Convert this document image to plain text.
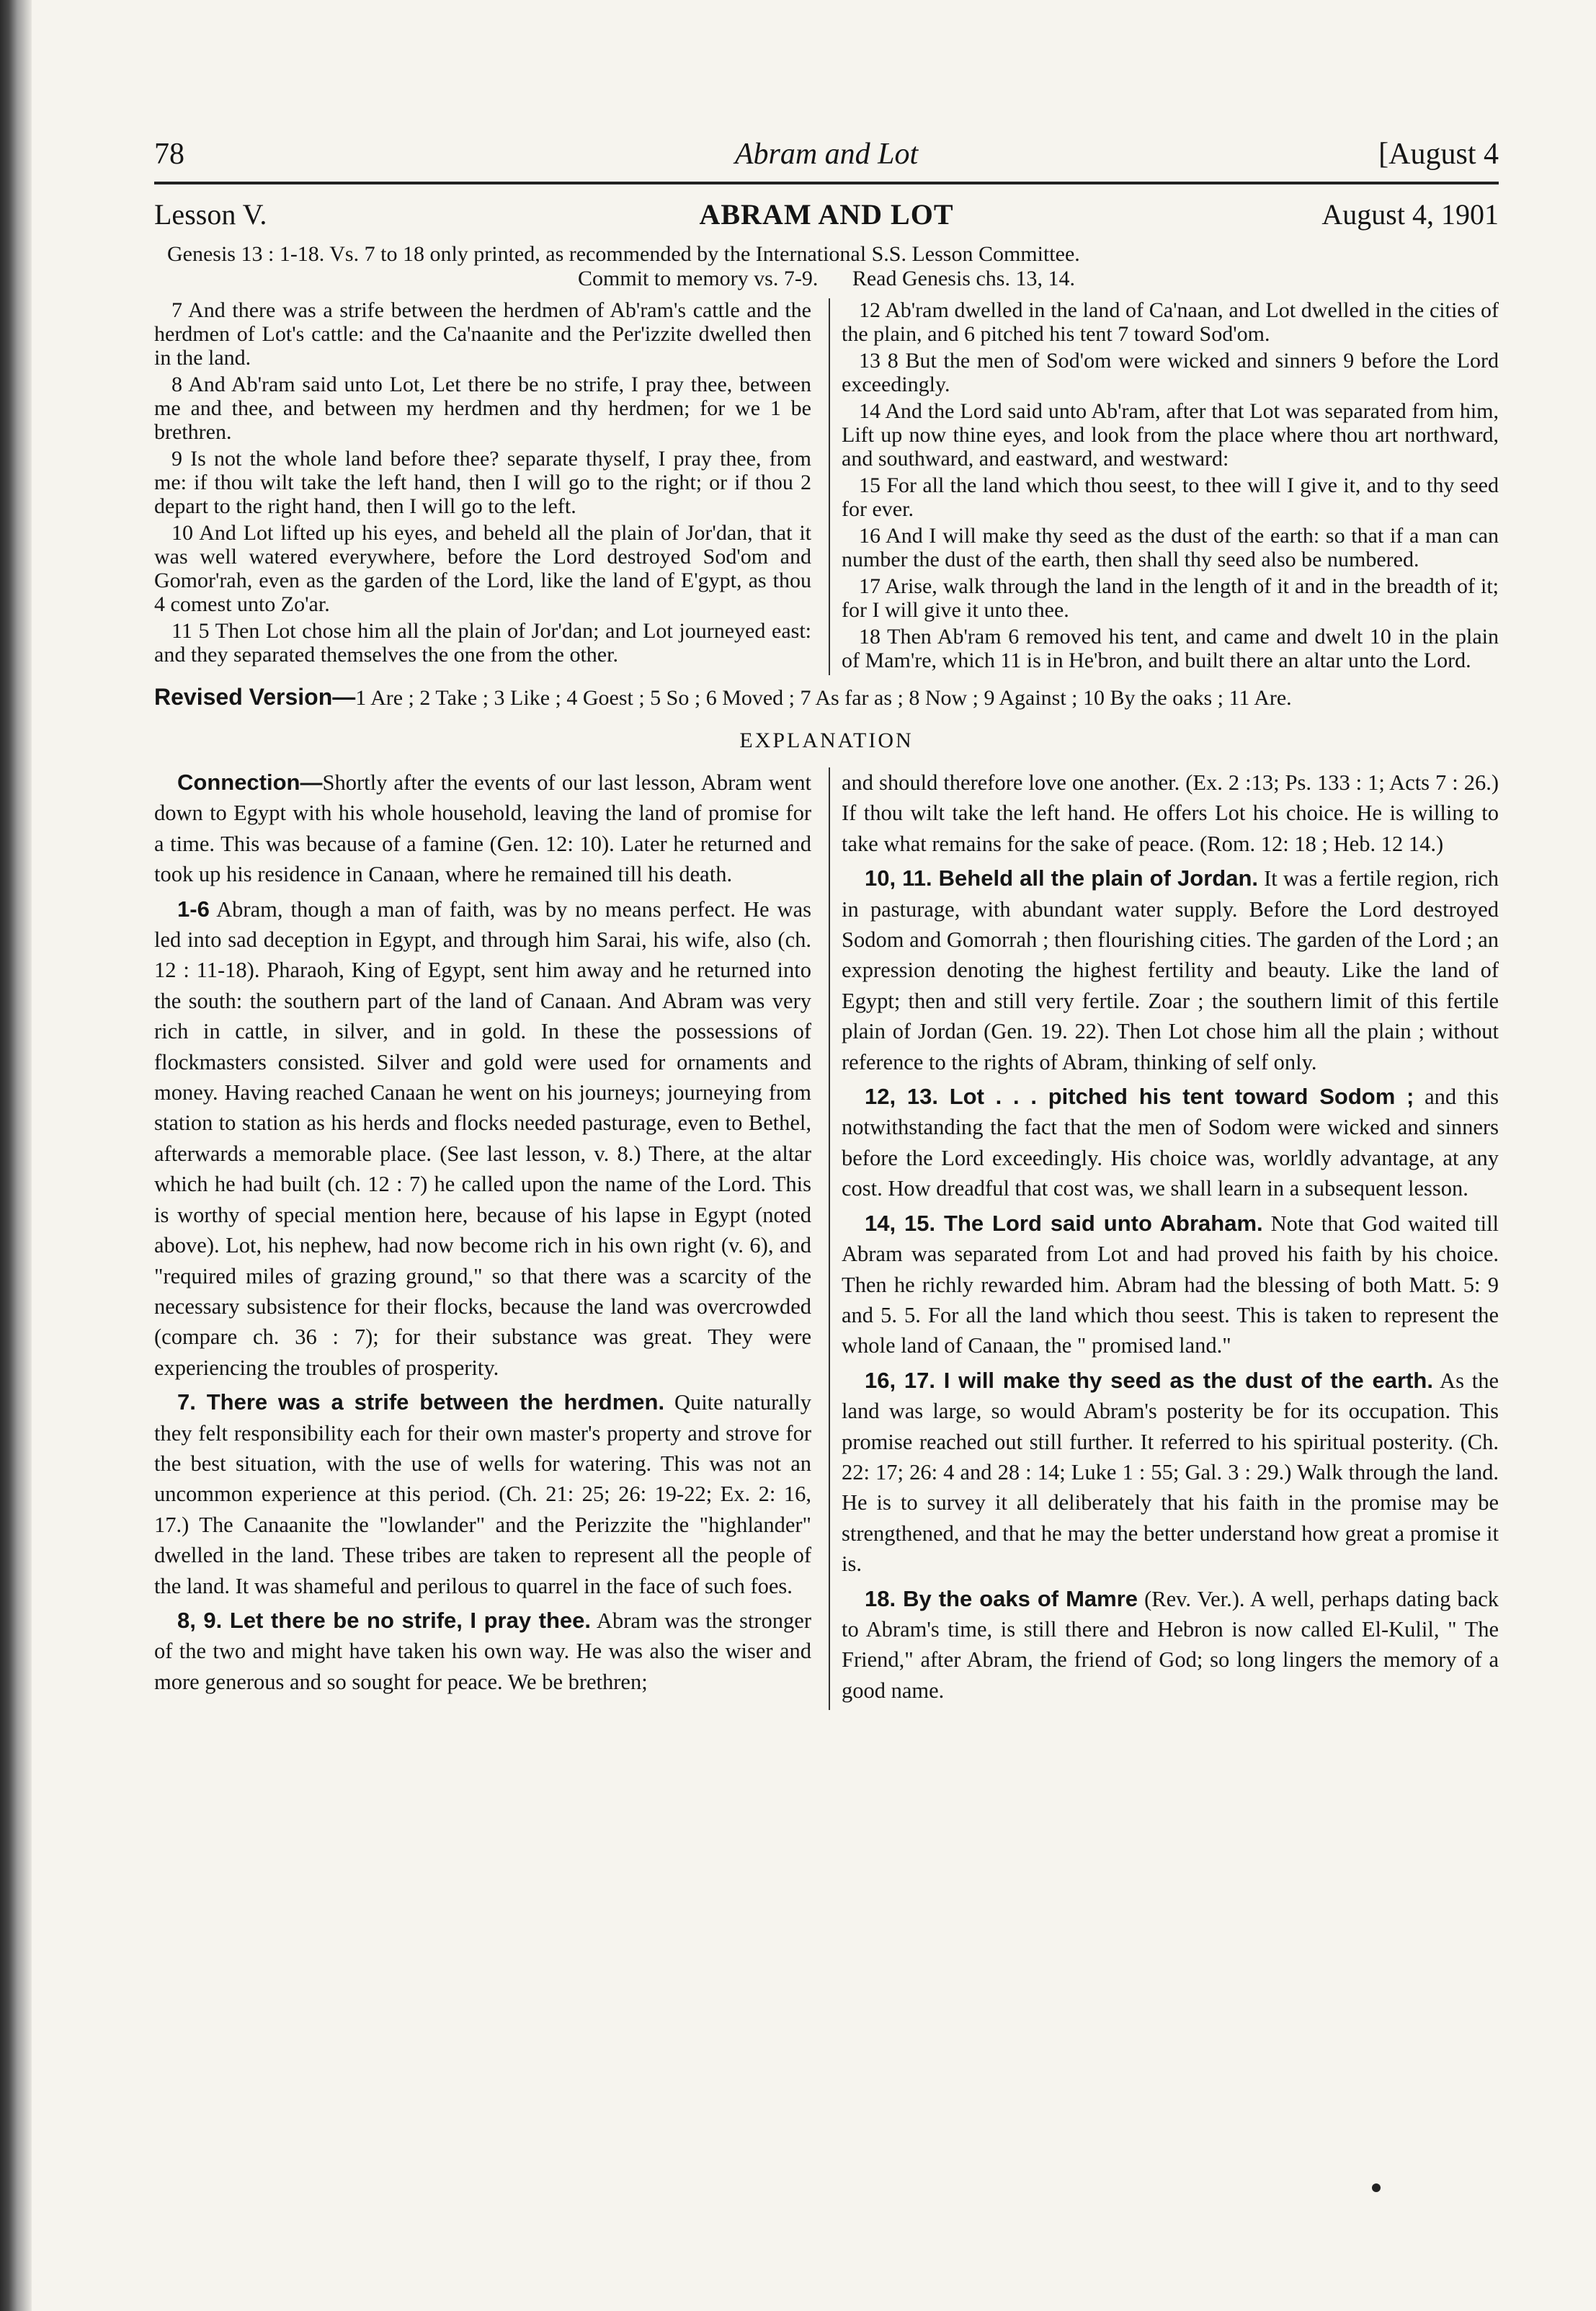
78	Abram and Lot	[August 4
Lesson V.	ABRAM AND LOT	August 4, 1901
Genesis 13 : 1-18. Vs. 7 to 18 only printed, as recommended by the International S.S. Lesson Committee.
Commit to memory vs. 7-9. Read Genesis chs. 13, 14.

7 And there was a strife between the herdmen of Ab'ram's cattle and the herdmen of Lot's cattle: and the Ca'naanite and the Per'izzite dwelled then in the land.

8 And Ab'ram said unto Lot, Let there be no strife, I pray thee, between me and thee, and between my herdmen and thy herdmen; for we 1 be brethren.

9 Is not the whole land before thee? separate thyself, I pray thee, from me: if thou wilt take the left hand, then I will go to the right; or if thou 2 depart to the right hand, then I will go to the left.

10 And Lot lifted up his eyes, and beheld all the plain of Jor'dan, that it was well watered everywhere, before the Lord destroyed Sod'om and Gomor'rah, even as the garden of the Lord, like the land of E'gypt, as thou 4 comest unto Zo'ar.

11 5 Then Lot chose him all the plain of Jor'dan; and Lot journeyed east: and they separated themselves the one from the other.

12 Ab'ram dwelled in the land of Ca'naan, and Lot dwelled in the cities of the plain, and 6 pitched his tent 7 toward Sod'om.

13 8 But the men of Sod'om were wicked and sinners 9 before the Lord exceedingly.

14 And the Lord said unto Ab'ram, after that Lot was separated from him, Lift up now thine eyes, and look from the place where thou art northward, and southward, and eastward, and westward:

15 For all the land which thou seest, to thee will I give it, and to thy seed for ever.

16 And I will make thy seed as the dust of the earth: so that if a man can number the dust of the earth, then shall thy seed also be numbered.

17 Arise, walk through the land in the length of it and in the breadth of it; for I will give it unto thee.

18 Then Ab'ram 6 removed his tent, and came and dwelt 10 in the plain of Mam're, which 11 is in He'bron, and built there an altar unto the Lord.

Revised Version—1 Are ; 2 Take ; 3 Like ; 4 Goest ; 5 So ; 6 Moved ; 7 As far as ; 8 Now ; 9 Against ; 10 By the oaks ; 11 Are.
EXPLANATION

Connection—Shortly after the events of our last lesson, Abram went down to Egypt with his whole household, leaving the land of promise for a time. This was because of a famine (Gen. 12: 10). Later he returned and took up his residence in Canaan, where he remained till his death.

1-6 Abram, though a man of faith, was by no means perfect. He was led into sad deception in Egypt, and through him Sarai, his wife, also (ch. 12 : 11-18). Pharaoh, King of Egypt, sent him away and he returned into the south: the southern part of the land of Canaan. And Abram was very rich in cattle, in silver, and in gold. In these the possessions of flockmasters consisted. Silver and gold were used for ornaments and money. Having reached Canaan he went on his journeys; journeying from station to station as his herds and flocks needed pasturage, even to Bethel, afterwards a memorable place. (See last lesson, v. 8.) There, at the altar which he had built (ch. 12 : 7) he called upon the name of the Lord. This is worthy of special mention here, because of his lapse in Egypt (noted above). Lot, his nephew, had now become rich in his own right (v. 6), and "required miles of grazing ground," so that there was a scarcity of the necessary subsistence for their flocks, because the land was overcrowded (compare ch. 36 : 7); for their substance was great. They were experiencing the troubles of prosperity.

7. There was a strife between the herdmen. Quite naturally they felt responsibility each for their own master's property and strove for the best situation, with the use of wells for watering. This was not an uncommon experience at this period. (Ch. 21: 25; 26: 19-22; Ex. 2: 16, 17.) The Canaanite the "lowlander" and the Perizzite the "highlander" dwelled in the land. These tribes are taken to represent all the people of the land. It was shameful and perilous to quarrel in the face of such foes.

8, 9. Let there be no strife, I pray thee. Abram was the stronger of the two and might have taken his own way. He was also the wiser and more generous and so sought for peace. We be brethren;

and should therefore love one another. (Ex. 2 :13; Ps. 133 : 1; Acts 7 : 26.) If thou wilt take the left hand. He offers Lot his choice. He is willing to take what remains for the sake of peace. (Rom. 12: 18 ; Heb. 12 14.)

10, 11. Beheld all the plain of Jordan. It was a fertile region, rich in pasturage, with abundant water supply. Before the Lord destroyed Sodom and Gomorrah ; then flourishing cities. The garden of the Lord ; an expression denoting the highest fertility and beauty. Like the land of Egypt; then and still very fertile. Zoar ; the southern limit of this fertile plain of Jordan (Gen. 19. 22). Then Lot chose him all the plain ; without reference to the rights of Abram, thinking of self only.

12, 13. Lot . . . pitched his tent toward Sodom ; and this notwithstanding the fact that the men of Sodom were wicked and sinners before the Lord exceedingly. His choice was, worldly advantage, at any cost. How dreadful that cost was, we shall learn in a subsequent lesson.

14, 15. The Lord said unto Abraham. Note that God waited till Abram was separated from Lot and had proved his faith by his choice. Then he richly rewarded him. Abram had the blessing of both Matt. 5: 9 and 5. 5. For all the land which thou seest. This is taken to represent the whole land of Canaan, the " promised land."

16, 17. I will make thy seed as the dust of the earth. As the land was large, so would Abram's posterity be for its occupation. This promise reached out still further. It referred to his spiritual posterity. (Ch. 22: 17; 26: 4 and 28 : 14; Luke 1 : 55; Gal. 3 : 29.) Walk through the land. He is to survey it all deliberately that his faith in the promise may be strengthened, and that he may the better understand how great a promise it is.

18. By the oaks of Mamre (Rev. Ver.). A well, perhaps dating back to Abram's time, is still there and Hebron is now called El-Kulil, " The Friend," after Abram, the friend of God; so long lingers the memory of a good name.
